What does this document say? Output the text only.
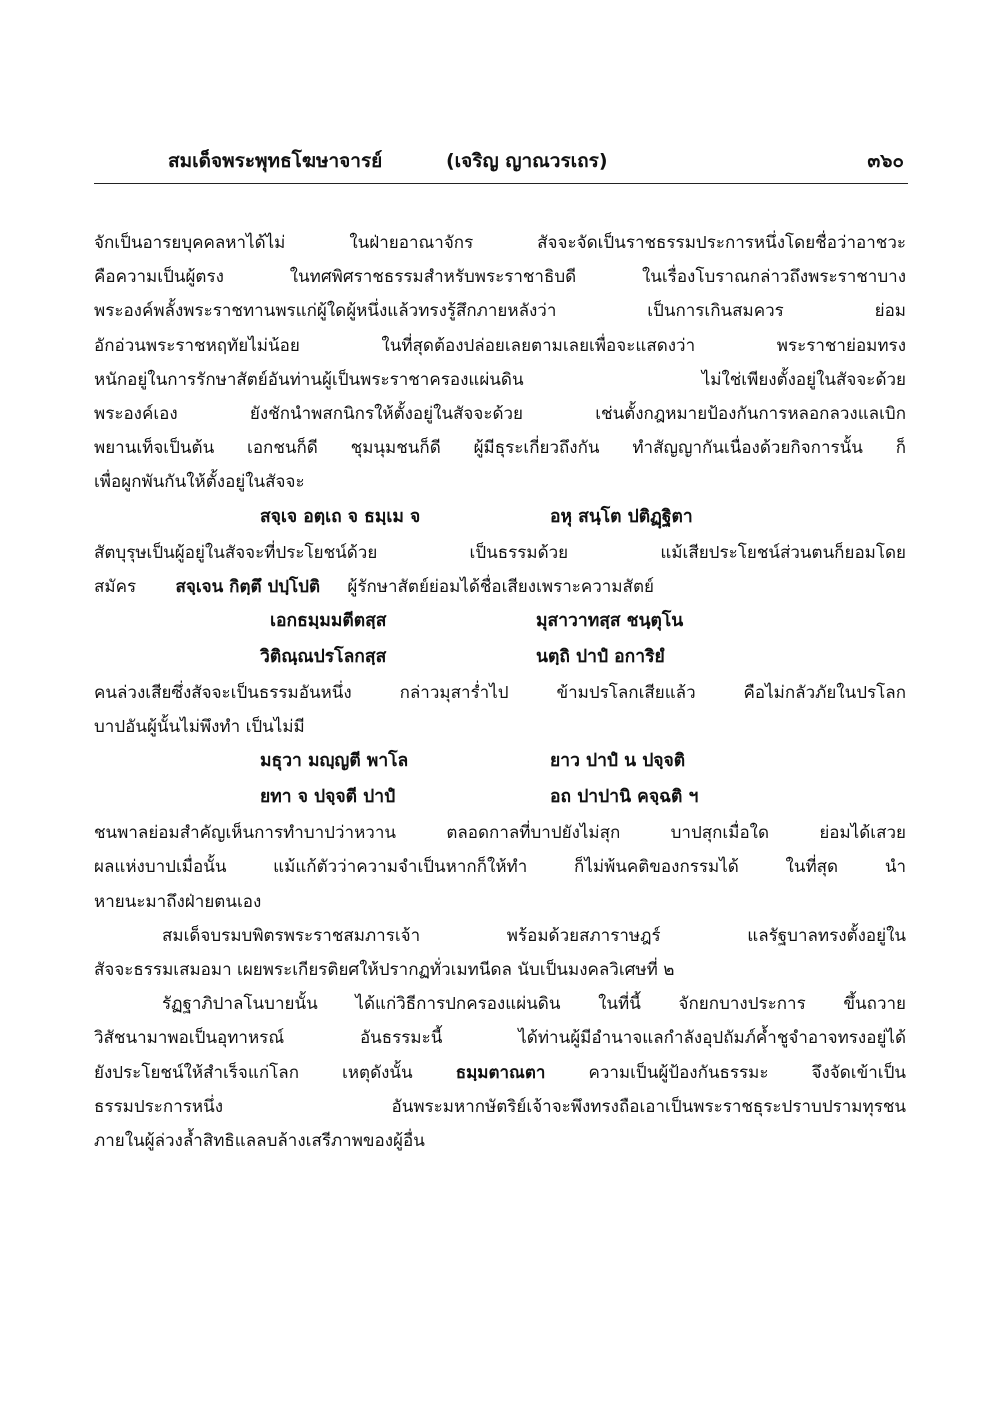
สมเด็จพระพุทธโฆษาจารย์	(เจริญ ญาณวรเถร)	๓๖๐
จักเป็นอารยบุคคลหาได้ไม่ ในฝ่ายอาณาจักร สัจจะจัดเป็นราชธรรมประการหนึ่งโดยชื่อว่าอาชวะ
คือความเป็นผู้ตรง ในทศพิศราชธรรมสำหรับพระราชาธิบดี ในเรื่องโบราณกล่าวถึงพระราชาบาง
พระองค์พลั้งพระราชทานพรแก่ผู้ใดผู้หนึ่งแล้วทรงรู้สึกภายหลังว่า เป็นการเกินสมควร ย่อม
อักอ่วนพระราชหฤทัยไม่น้อย ในที่สุดต้องปล่อยเลยตามเลยเพื่อจะแสดงว่า พระราชาย่อมทรง
หนักอยู่ในการรักษาสัตย์อันท่านผู้เป็นพระราชาครองแผ่นดิน ไม่ใช่เพียงตั้งอยู่ในสัจจะด้วย
พระองค์เอง ยังชักนำพสกนิกรให้ตั้งอยู่ในสัจจะด้วย เช่นตั้งกฎหมายป้องกันการหลอกลวงแลเบิก
พยานเท็จเป็นต้น เอกชนก็ดี ชุมนุมชนก็ดี ผู้มีธุระเกี่ยวถึงกัน ทำสัญญากันเนื่องด้วยกิจการนั้น ก็
เพื่อผูกพันกันให้ตั้งอยู่ในสัจจะ
สจฺเจ อตฺเถ จ ธมฺเม จ	อหุ สนฺโต ปติฏฺฐิตา
สัตบุรุษเป็นผู้อยู่ในสัจจะที่ประโยชน์ด้วย เป็นธรรมด้วย แม้เสียประโยชน์ส่วนตนก็ยอมโดย
สมัคร สจฺเจน กิตฺตึ ปปฺโปติ ผู้รักษาสัตย์ย่อมได้ชื่อเสียงเพราะความสัตย์
เอกธมฺมมตีตสฺส	มุสาวาทสฺส ชนฺตุโน
วิติณฺณปรโลกสฺส	นตฺถิ ปาปํ อการิยํ
คนล่วงเสียซึ่งสัจจะเป็นธรรมอันหนึ่ง กล่าวมุสาร่ำไป ข้ามปรโลกเสียแล้ว คือไม่กลัวภัยในปรโลก
บาปอันผู้นั้นไม่พึงทำ เป็นไม่มี
มธุวา มญฺญตี พาโล	ยาว ปาปํ น ปจฺจติ
ยทา จ ปจฺจตี ปาปํ	อถ ปาปานิ คจฺฉติ ฯ
ชนพาลย่อมสำคัญเห็นการทำบาปว่าหวาน ตลอดกาลที่บาปยังไม่สุก บาปสุกเมื่อใด ย่อมได้เสวย
ผลแห่งบาปเมื่อนั้น แม้แก้ตัวว่าความจำเป็นหากก็ให้ทำ ก็ไม่พ้นคติของกรรมได้ ในที่สุด นำ
หายนะมาถึงฝ่ายตนเอง
สมเด็จบรมบพิตรพระราชสมภารเจ้า พร้อมด้วยสภาราษฎร์ แลรัฐบาลทรงตั้งอยู่ใน
สัจจะธรรมเสมอมา เผยพระเกียรติยศให้ปรากฏทั่วเมทนีดล นับเป็นมงคลวิเศษที่ ๒
รัฏฐาภิปาลโนบายนั้น ได้แก่วิธีการปกครองแผ่นดิน ในที่นี้ จักยกบางประการ ขึ้นถวาย
วิสัชนามาพอเป็นอุทาหรณ์ อันธรรมะนี้ ได้ท่านผู้มีอำนาจแลกำลังอุปถัมภ์ค้ำชูจำอาจทรงอยู่ได้
ยังประโยชน์ให้สำเร็จแก่โลก เหตุดังนั้น	ธมฺมตาณตา	ความเป็นผู้ป้องกันธรรมะ จึงจัดเข้าเป็น
ธรรมประการหนึ่ง อันพระมหากษัตริย์เจ้าจะพึงทรงถือเอาเป็นพระราชธุระปราบปรามทุรชน
ภายในผู้ล่วงล้ำสิทธิแลลบล้างเสรีภาพของผู้อื่น
